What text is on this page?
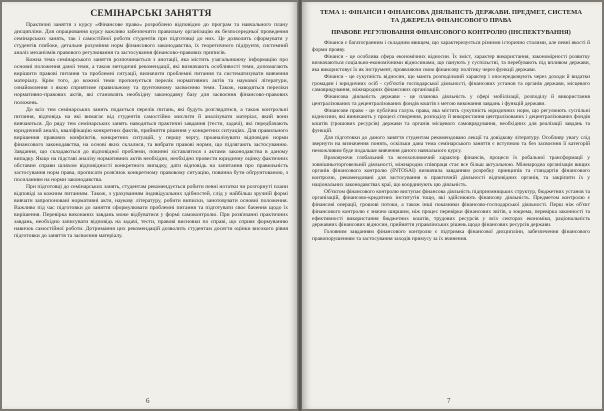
СЕМІНАРСЬКІ ЗАНЯТТЯ

Практичні заняття з курсу «Фінансове право» розроблено відповідно до програм та навчального плану дисципліни. Для опрацювання курсу важливо забезпечити правильну організацію як безпосередньої проведення семінарських занять, так і самостійної роботи студентів при підготовці до них. Це дозволить сформувати у студентів глибоке, детальне розуміння норм фінансового законодавства, їх теоретичного підґрунтя, системний аналіз механізмів правового регулювання та застосування фінансово-правових приписів.

Кожна тема семінарського заняття розпочинається з анотації, яка містить узагальнюючу інформацію про основні положення даної теми, а також методичні рекомендації, які визначають особливості теми, допомагають вирішити правові питання та проблемні ситуації, визначити проблемні питання та систематизувати вивчення матеріалу. Крім того, до кожної теми пропонується перелік нормативних актів та наукової літератури, ознайомлення з якою сприятиме правильному та ґрунтовному засвоєнню теми. Також, наводяться переліки нормативно-правових актів, які становлять необхідну законодавчу базу для засвоєння фінансово-правових положень.

До всіх тем семінарських занять подається перелік питань, які будуть розглядатися, а також контрольні питання, відповідь на які вимагає від студентів самостійно мислити й аналізувати матеріал, який вони вивчаються. До ряду тем семінарських занять наводяться практичні завдання (тести, задачі), які передбачають юридичний аналіз, кваліфікацію конкретних фактів, прийняття рішення у конкретних ситуаціях. Для правильного вирішення правових конфліктів, конкретних ситуацій, у першу чергу, проаналізувати відповідні норми фінансового законодавства, на основі яких склалися, та вибрати правові норми, що підлягають застосуванню. Завдання, що складаються до відповідної проблеми, повинні зіставлятися з актами законодавства в даному випадку. Якщо на підставі аналізу нормативних актів необхідно, необхідно провести юридичну оцінку фактичних обставин справи шляхом відповідності конкретного випадку, дати відповідь на запитання про правильність застосування норм права, прописати розв'язок конкретному правовому ситуацію, повинна бути обґрунтованою, з посиланням на норми законодавства.

При підготовці до семінарських занять, студентам рекомендується робити певні нотатки чи розгорнуті плани відповіді за кожним питанням. Також, з урахуванням індивідуальних здібностей, слід у найбільш зручній формі вивчати запропоновані нормативні акти, наукову літературу, робити виписки, занотовувати основні положення. Важливо під час підготовки до заняття сформулювати проблемні питання та підготувати своє бачення щодо їх вирішення. Перевірка виконаних завдань може відбуватися у формі самоконтролю. При розв'язанні практичних завдань, необхідно записувати відповідь на задачі, тести, правові висновки по справі, що сприяє формуванню навичок самостійної роботи. Дотримання цих рекомендацій дозволить студентам досягти оцінки високого рівня підготовки до заняття та засвоєння матеріалу.

6
ТЕМА 1: ФІНАНСИ І ФІНАНСОВА ДІЯЛЬНІСТЬ ДЕРЖАВИ. ПРЕДМЕТ, СИСТЕМА ТА ДЖЕРЕЛА ФІНАНСОВОГО ПРАВА
ПРАВОВЕ РЕГУЛЮВАННЯ ФІНАНСОВОГО КОНТРОЛЮ (ІНСПЕКТУВАННЯ)

Фінанси є багатогранним і складним явищем, що характеризується різними історично сталими, але певні якості й форми прояву.

Фінанси - це особлива сфера економічних відносин. Їх зміст, характер використання, закономірності розвитку визначаються соціально-економічними відносинами, що панують у суспільстві, та перебувають під впливом держави, яка використовує їх як інструмент, проявляючи свою фінансову політику через функції держави.

Фінанси - це сукупність відносин, що мають розподільчий характер і опосередковують через доходи й видатки громадян і юридичних осіб - суб'єктів господарської діяльності, фінансових установ та органів держави, місцевого самоврядування, міжнародних фінансових організацій.

Фінансова діяльність держави - це планова діяльність у сфері мобілізації, розподілу й використання централізованих та децентралізованих фондів коштів з метою виконання завдань і функцій держави.

Фінансове право - це публічна галузь права, яка містить сукупність юридичних норм, що регулюють суспільні відносини, які виникають у процесі створення, розподілу й використання централізованих і децентралізованих фондів коштів (грошових ресурсів) держави та органів місцевого самоврядування, необхідних для реалізації завдань та функцій.

Для підготовки до даного заняття студентам рекомендовано лекції та довідкову літературу. Особливу увагу слід звернути на визначення понять, оскільки дана тема семінарського заняття є вступною та без засвоєння її категорій неможливим буде подальше вивчення даного навчального курсу.

Враховуючи глобальний та всеохоплюючий характер фінансів, процеси їх poбальної трансформації у зовнішньоторговельній діяльності, міжнародна співпраця стає все більш актуальною. Міжнародна організація вищих органів фінансового контролю (INTOSAI) визначила завданням розробку принципів та стандартів фінансового контролю, рекомендовані для застосування в практичній діяльності відповідних органів, та закріпити їх у національних законодавствах краї, що координують цю діяльність.

Об'єктом фінансового контролю виступає фінансова діяльність підприємницьких структур, бюджетних установ та організацій, фінансово-кредитних інститутів тощо, які здійснюють фінансову діяльність. Предметом контролю є фінансові операції, грошові потоки, а також інші показники фінансово-господарської діяльності. Перш ніж об'єкт фінансового контролю є значно ширшим, ніж процес перевірки фінансових звітів, а зокрема, перевірка законності та ефективності використання бюджетних коштів, трудових ресурсів у всіх секторах економіки, раціональність державних фінансових відносин, прийняття управлінських рішень щодо фінансових ресурсів держави.

Головним завданням фінансового контролю є підтримка фінансової дисципліни, забезпечення фінансового правопорушенням та застосування заходів примусу за їх вчинення.

7
